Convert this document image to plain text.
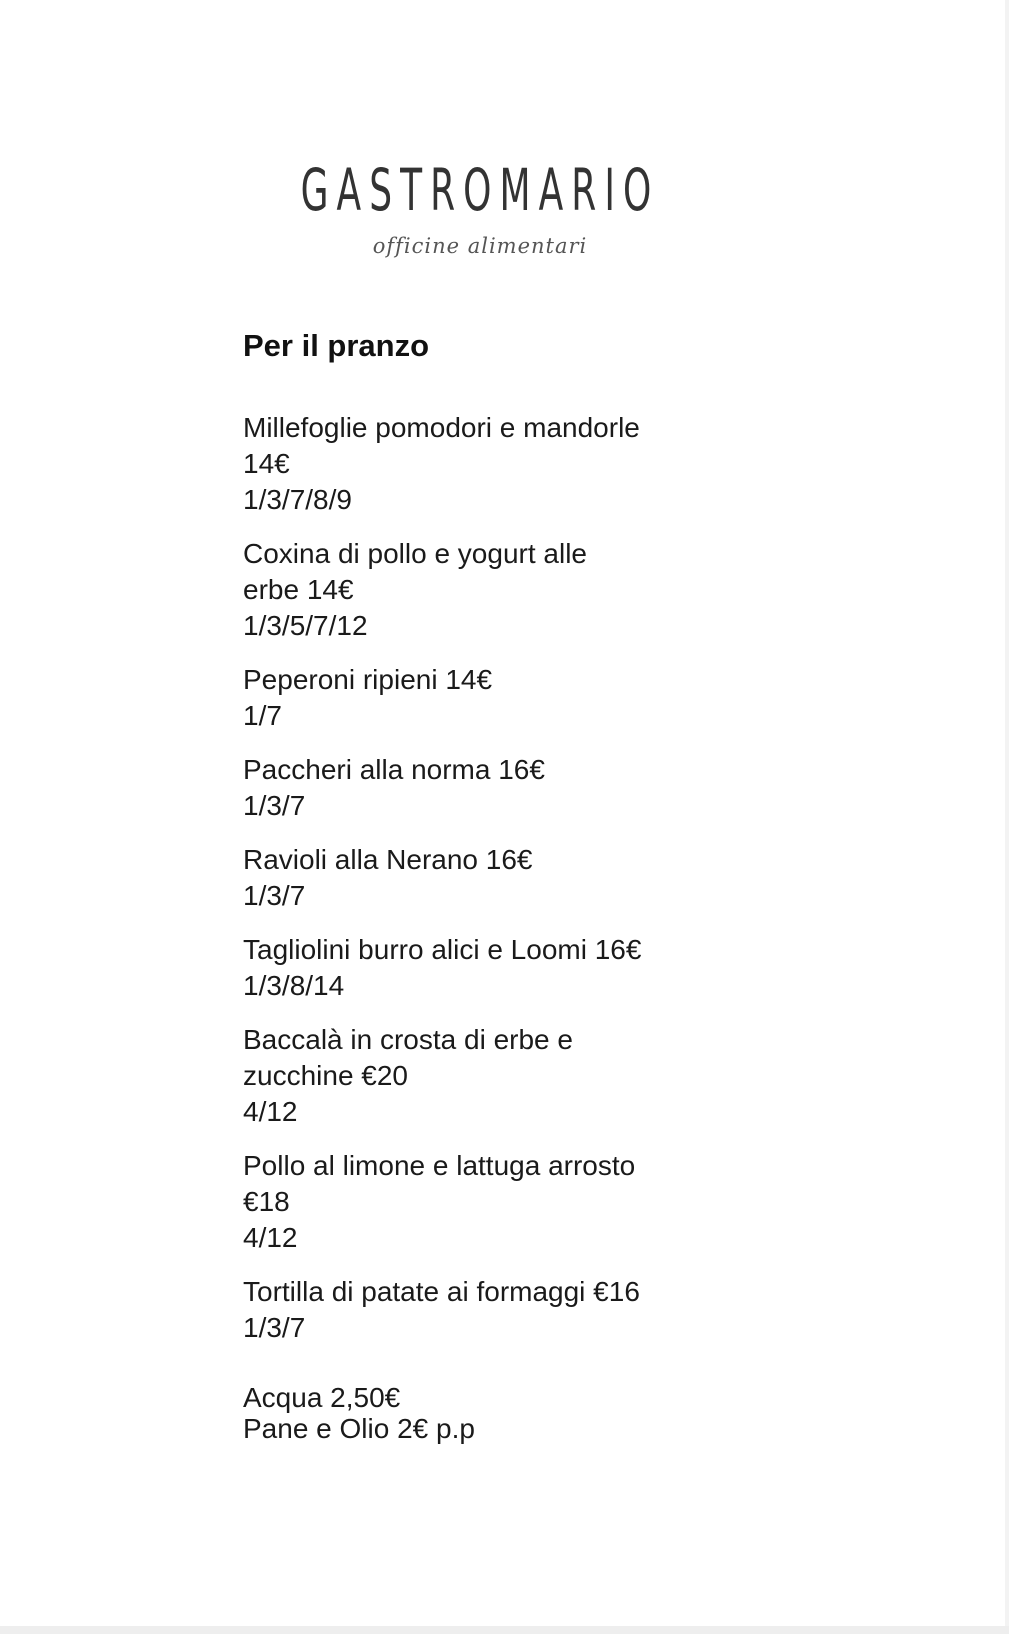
GASTROMARIO
officine alimentari
Per il pranzo
Millefoglie pomodori e mandorle
14€
1/3/7/8/9
Coxina di pollo e yogurt alle
erbe 14€
1/3/5/7/12
Peperoni ripieni 14€
1/7
Paccheri alla norma 16€
1/3/7
Ravioli alla Nerano 16€
1/3/7
Tagliolini burro alici e Loomi 16€
1/3/8/14
Baccalà in crosta di erbe e
zucchine €20
4/12
Pollo al limone e lattuga arrosto
€18
4/12
Tortilla di patate ai formaggi €16
1/3/7
Acqua 2,50€
Pane e Olio 2€ p.p
